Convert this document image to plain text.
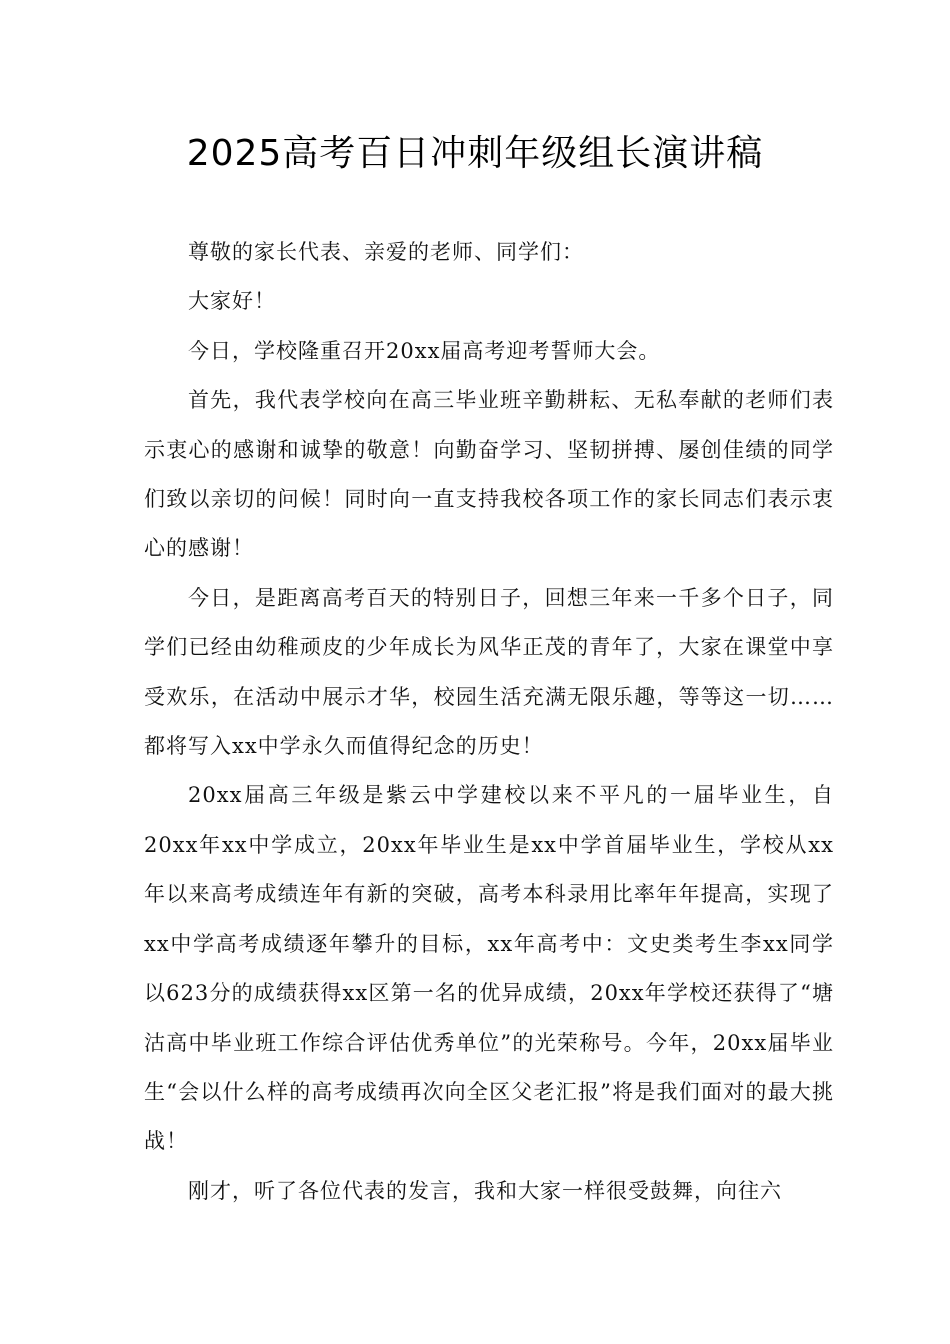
2025高考百日冲刺年级组长演讲稿

尊敬的家长代表、亲爱的老师、同学们：

大家好！

今日，学校隆重召开20xx届高考迎考誓师大会。

首先，我代表学校向在高三毕业班辛勤耕耘、无私奉献的老师们表示衷心的感谢和诚挚的敬意！向勤奋学习、坚韧拼搏、屡创佳绩的同学们致以亲切的问候！同时向一直支持我校各项工作的家长同志们表示衷心的感谢！

今日，是距离高考百天的特别日子，回想三年来一千多个日子，同学们已经由幼稚顽皮的少年成长为风华正茂的青年了，大家在课堂中享受欢乐，在活动中展示才华，校园生活充满无限乐趣，等等这一切……都将写入xx中学永久而值得纪念的历史！

20xx届高三年级是紫云中学建校以来不平凡的一届毕业生，自20xx年xx中学成立，20xx年毕业生是xx中学首届毕业生，学校从xx年以来高考成绩连年有新的突破，高考本科录用比率年年提高，实现了xx中学高考成绩逐年攀升的目标，xx年高考中：文史类考生李xx同学以623分的成绩获得xx区第一名的优异成绩，20xx年学校还获得了“塘沽高中毕业班工作综合评估优秀单位”的光荣称号。今年，20xx届毕业生“会以什么样的高考成绩再次向全区父老汇报”将是我们面对的最大挑战！

刚才，听了各位代表的发言，我和大家一样很受鼓舞，向往六
